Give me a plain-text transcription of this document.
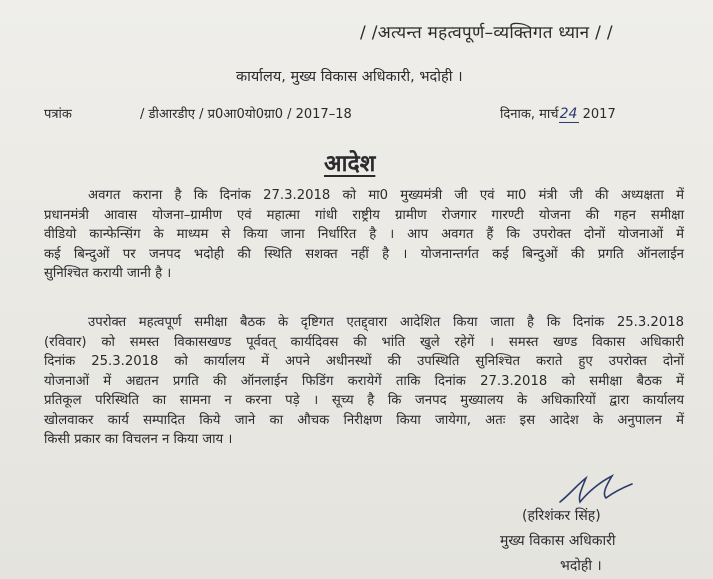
/ /अत्यन्त महत्वपूर्ण–व्यक्तिगत ध्यान / /
कार्यालय, मुख्य विकास अधिकारी, भदोही ।
पत्रांक	/ डीआरडीए / प्र0आ0यो0ग्रा0 / 2017–18	दिनाक, मार्च24 2017
आदेश
अवगत कराना है कि दिनांक 27.3.2018 को मा0 मुख्यमंत्री जी एवं मा0 मंत्री जी की अध्यक्षता में
प्रधानमंत्री आवास योजना–ग्रामीण एवं महात्मा गांधी राष्ट्रीय ग्रामीण रोजगार गारण्टी योजना की गहन समीक्षा
वीडियो कान्फेन्सिंग के माध्यम से किया जाना निर्धारित है । आप अवगत हैं कि उपरोक्त दोनों योजनाओं में
कई बिन्दुओं पर जनपद भदोही की स्थिति सशक्त नहीं है । योजनान्तर्गत कई बिन्दुओं की प्रगति ऑनलाईन
सुनिश्चित करायी जानी है ।
उपरोक्त महत्वपूर्ण समीक्षा बैठक के दृष्टिगत एतद्द्वारा आदेशित किया जाता है कि दिनांक 25.3.2018
(रविवार) को समस्त विकासखण्ड पूर्ववत् कार्यदिवस की भांति खुले रहेगें । समस्त खण्ड विकास अधिकारी
दिनांक 25.3.2018 को कार्यालय में अपने अधीनस्थों की उपस्थिति सुनिश्चित कराते हुए उपरोक्त दोनों
योजनाओं में अद्यतन प्रगति की ऑनलाईन फिडिंग करायेगें ताकि दिनांक 27.3.2018 को समीक्षा बैठक में
प्रतिकूल परिस्थिति का सामना न करना पड़े । सूच्य है कि जनपद मुख्यालय के अधिकारियों द्वारा कार्यालय
खोलवाकर कार्य सम्पादित किये जाने का औचक निरीक्षण किया जायेगा, अतः इस आदेश के अनुपालन में
किसी प्रकार का विचलन न किया जाय ।
(हरिशंकर सिंह)
मुख्य विकास अधिकारी
भदोही ।
